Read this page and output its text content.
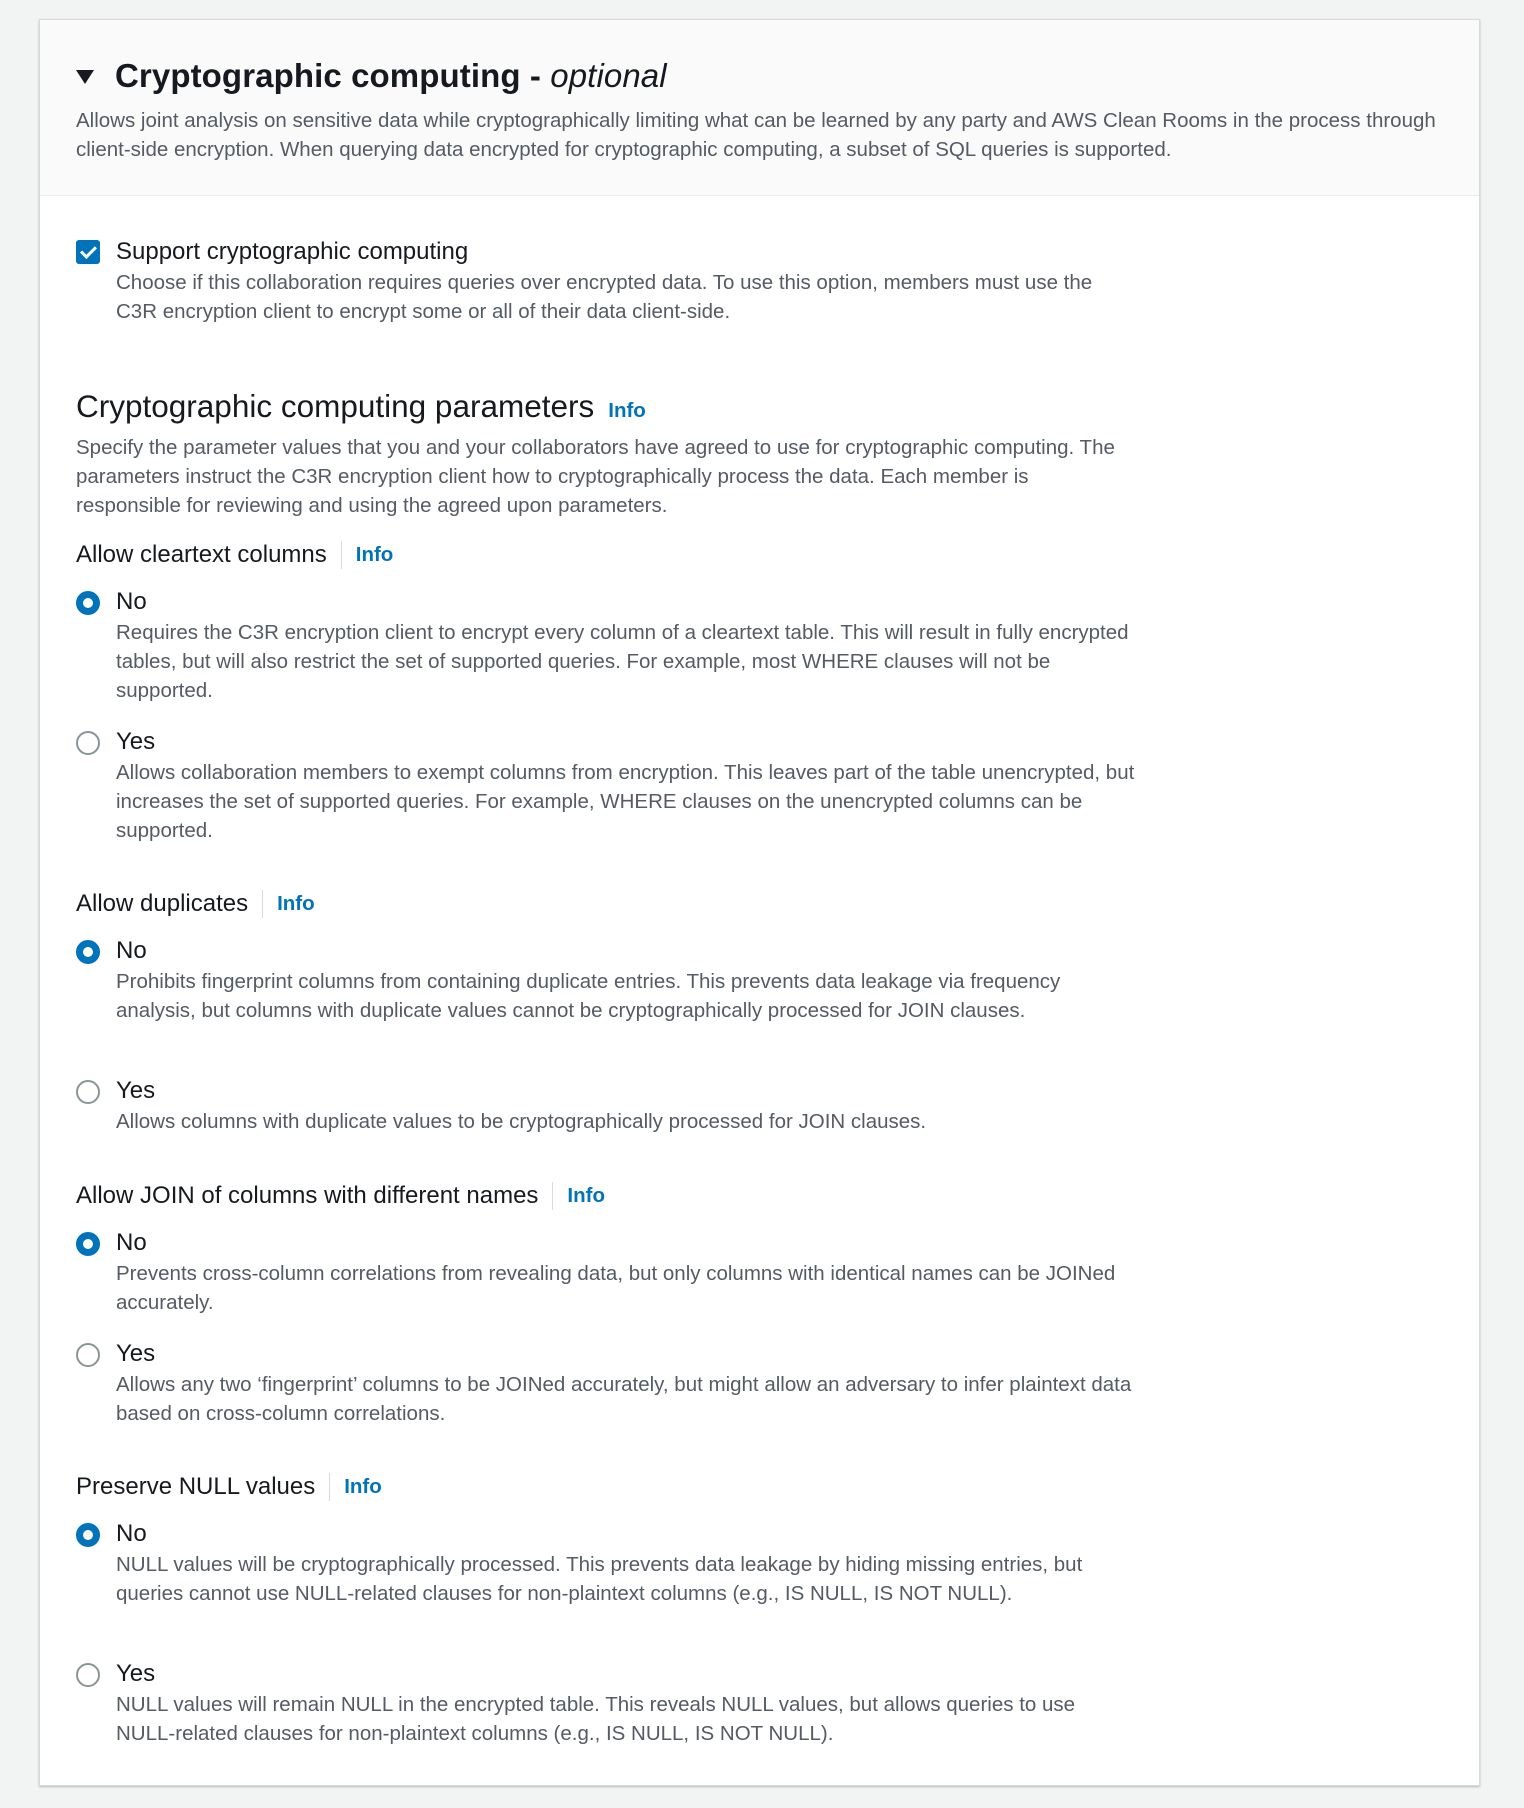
Cryptographic computing - optional
Allows joint analysis on sensitive data while cryptographically limiting what can be learned by any party and AWS Clean Rooms in the process through client-side encryption. When querying data encrypted for cryptographic computing, a subset of SQL queries is supported.
Support cryptographic computing
Choose if this collaboration requires queries over encrypted data. To use this option, members must use the C3R encryption client to encrypt some or all of their data client-side.
Cryptographic computing parameters Info
Specify the parameter values that you and your collaborators have agreed to use for cryptographic computing. The parameters instruct the C3R encryption client how to cryptographically process the data. Each member is responsible for reviewing and using the agreed upon parameters.
Allow cleartext columns Info
No
Requires the C3R encryption client to encrypt every column of a cleartext table. This will result in fully encrypted tables, but will also restrict the set of supported queries. For example, most WHERE clauses will not be supported.
Yes
Allows collaboration members to exempt columns from encryption. This leaves part of the table unencrypted, but increases the set of supported queries. For example, WHERE clauses on the unencrypted columns can be supported.
Allow duplicates Info
No
Prohibits fingerprint columns from containing duplicate entries. This prevents data leakage via frequency analysis, but columns with duplicate values cannot be cryptographically processed for JOIN clauses.
Yes
Allows columns with duplicate values to be cryptographically processed for JOIN clauses.
Allow JOIN of columns with different names Info
No
Prevents cross-column correlations from revealing data, but only columns with identical names can be JOINed accurately.
Yes
Allows any two ‘fingerprint’ columns to be JOINed accurately, but might allow an adversary to infer plaintext data based on cross-column correlations.
Preserve NULL values Info
No
NULL values will be cryptographically processed. This prevents data leakage by hiding missing entries, but queries cannot use NULL-related clauses for non-plaintext columns (e.g., IS NULL, IS NOT NULL).
Yes
NULL values will remain NULL in the encrypted table. This reveals NULL values, but allows queries to use NULL-related clauses for non-plaintext columns (e.g., IS NULL, IS NOT NULL).
